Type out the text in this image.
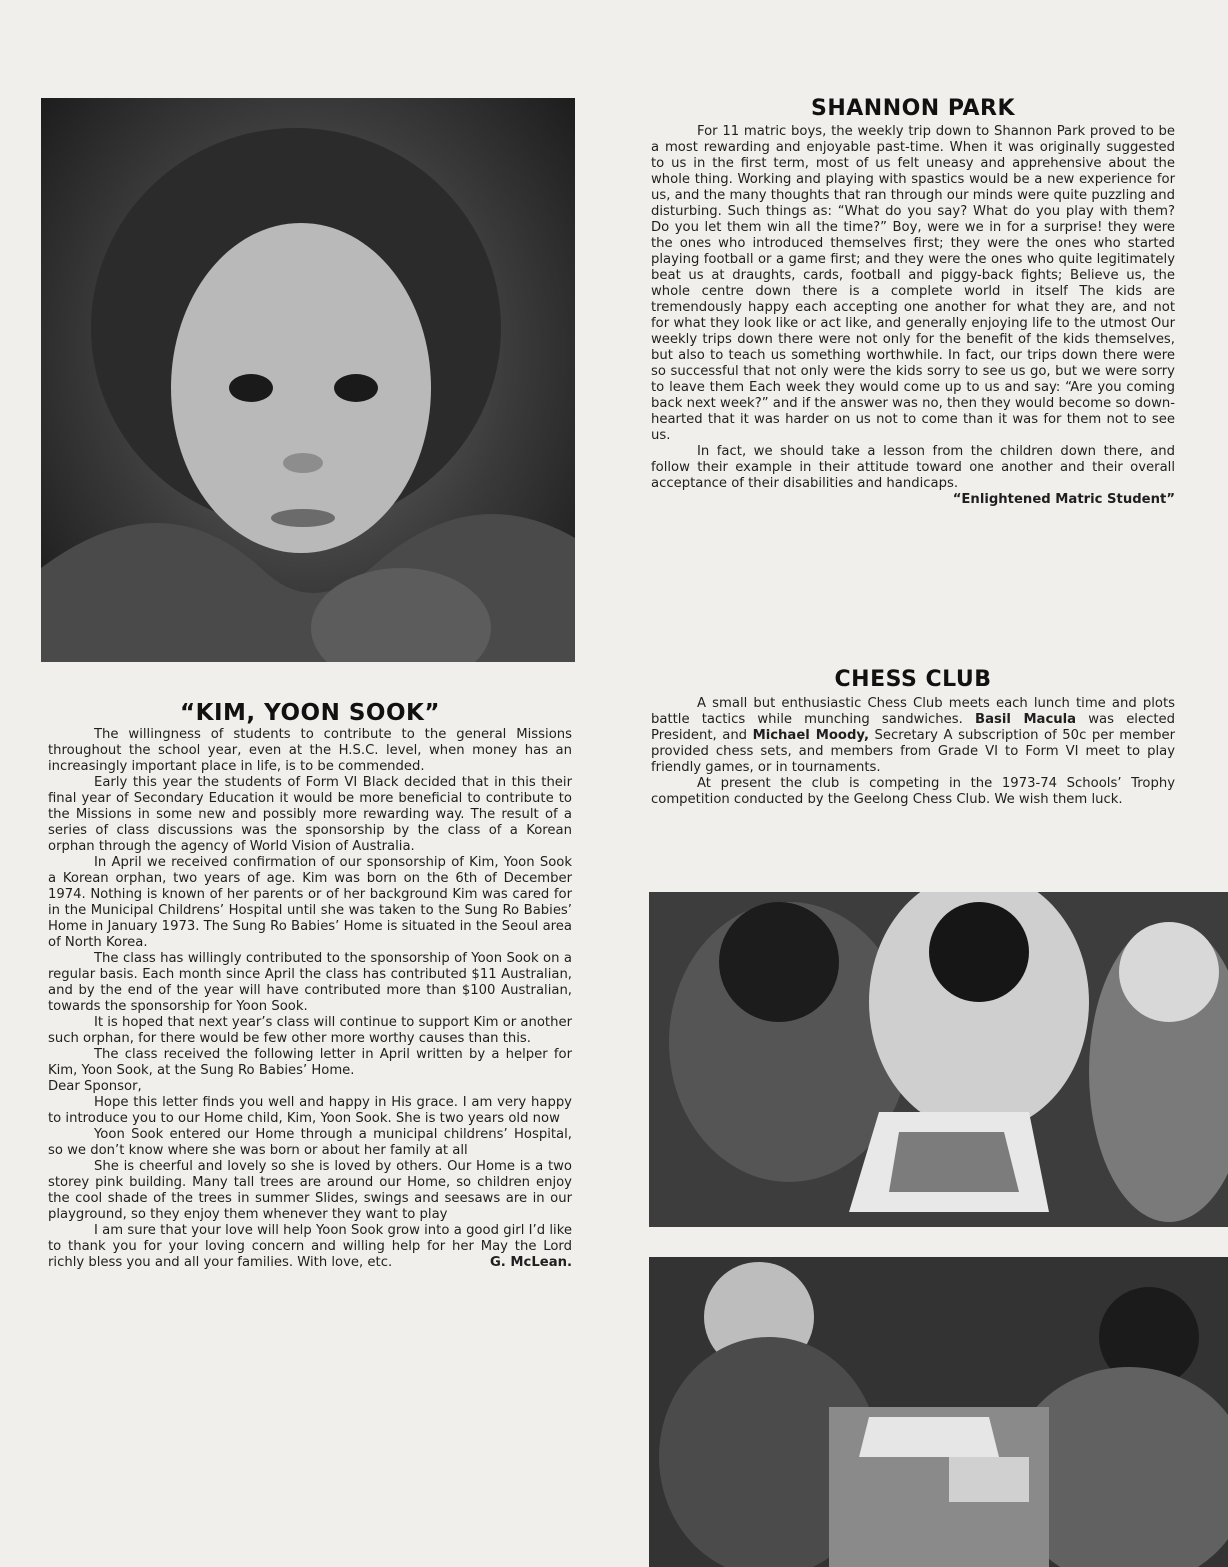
SHANNON PARK

For 11 matric boys, the weekly trip down to Shannon Park proved to be a most rewarding and enjoyable past-time. When it was originally suggested to us in the first term, most of us felt uneasy and apprehensive about the whole thing. Working and playing with spastics would be a new experience for us, and the many thoughts that ran through our minds were quite puzzling and disturbing. Such things as: “What do you say? What do you play with them? Do you let them win all the time?” Boy, were we in for a surprise! they were the ones who introduced themselves first; they were the ones who started playing football or a game first; and they were the ones who quite legitimately beat us at draughts, cards, football and piggy-back fights; Believe us, the whole centre down there is a complete world in itself The kids are tremendously happy each accepting one another for what they are, and not for what they look like or act like, and generally enjoying life to the utmost Our weekly trips down there were not only for the benefit of the kids themselves, but also to teach us something worthwhile. In fact, our trips down there were so successful that not only were the kids sorry to see us go, but we were sorry to leave them Each week they would come up to us and say: “Are you coming back next week?” and if the answer was no, then they would become so down-hearted that it was harder on us not to come than it was for them not to see us.

In fact, we should take a lesson from the children down there, and follow their example in their attitude toward one another and their overall acceptance of their disabilities and handicaps.
“Enlightened Matric Student”

CHESS CLUB

A small but enthusiastic Chess Club meets each lunch time and plots battle tactics while munching sandwiches. Basil Macula was elected President, and Michael Moody, Secretary A subscription of 50c per member provided chess sets, and members from Grade VI to Form VI meet to play friendly games, or in tournaments.

At present the club is competing in the 1973-74 Schools’ Trophy competition conducted by the Geelong Chess Club. We wish them luck.

“KIM, YOON SOOK”

The willingness of students to contribute to the general Missions throughout the school year, even at the H.S.C. level, when money has an increasingly important place in life, is to be commended.

Early this year the students of Form VI Black decided that in this their final year of Secondary Education it would be more beneficial to contribute to the Missions in some new and possibly more rewarding way. The result of a series of class discussions was the sponsorship by the class of a Korean orphan through the agency of World Vision of Australia.

In April we received confirmation of our sponsorship of Kim, Yoon Sook a Korean orphan, two years of age. Kim was born on the 6th of December 1974. Nothing is known of her parents or of her background Kim was cared for in the Municipal Childrens’ Hospital until she was taken to the Sung Ro Babies’ Home in January 1973. The Sung Ro Babies’ Home is situated in the Seoul area of North Korea.

The class has willingly contributed to the sponsorship of Yoon Sook on a regular basis. Each month since April the class has contributed $11 Australian, and by the end of the year will have contributed more than $100 Australian, towards the sponsorship for Yoon Sook.

It is hoped that next year’s class will continue to support Kim or another such orphan, for there would be few other more worthy causes than this.

The class received the following letter in April written by a helper for Kim, Yoon Sook, at the Sung Ro Babies’ Home.

Dear Sponsor,

Hope this letter finds you well and happy in His grace. I am very happy to introduce you to our Home child, Kim, Yoon Sook. She is two years old now

Yoon Sook entered our Home through a municipal childrens’ Hospital, so we don’t know where she was born or about her family at all

She is cheerful and lovely so she is loved by others. Our Home is a two storey pink building. Many tall trees are around our Home, so children enjoy the cool shade of the trees in summer Slides, swings and seesaws are in our playground, so they enjoy them whenever they want to play

I am sure that your love will help Yoon Sook grow into a good girl I’d like to thank you for your loving concern and willing help for her May the Lord richly bless you and all your families. With love, etc.	G. McLean.
